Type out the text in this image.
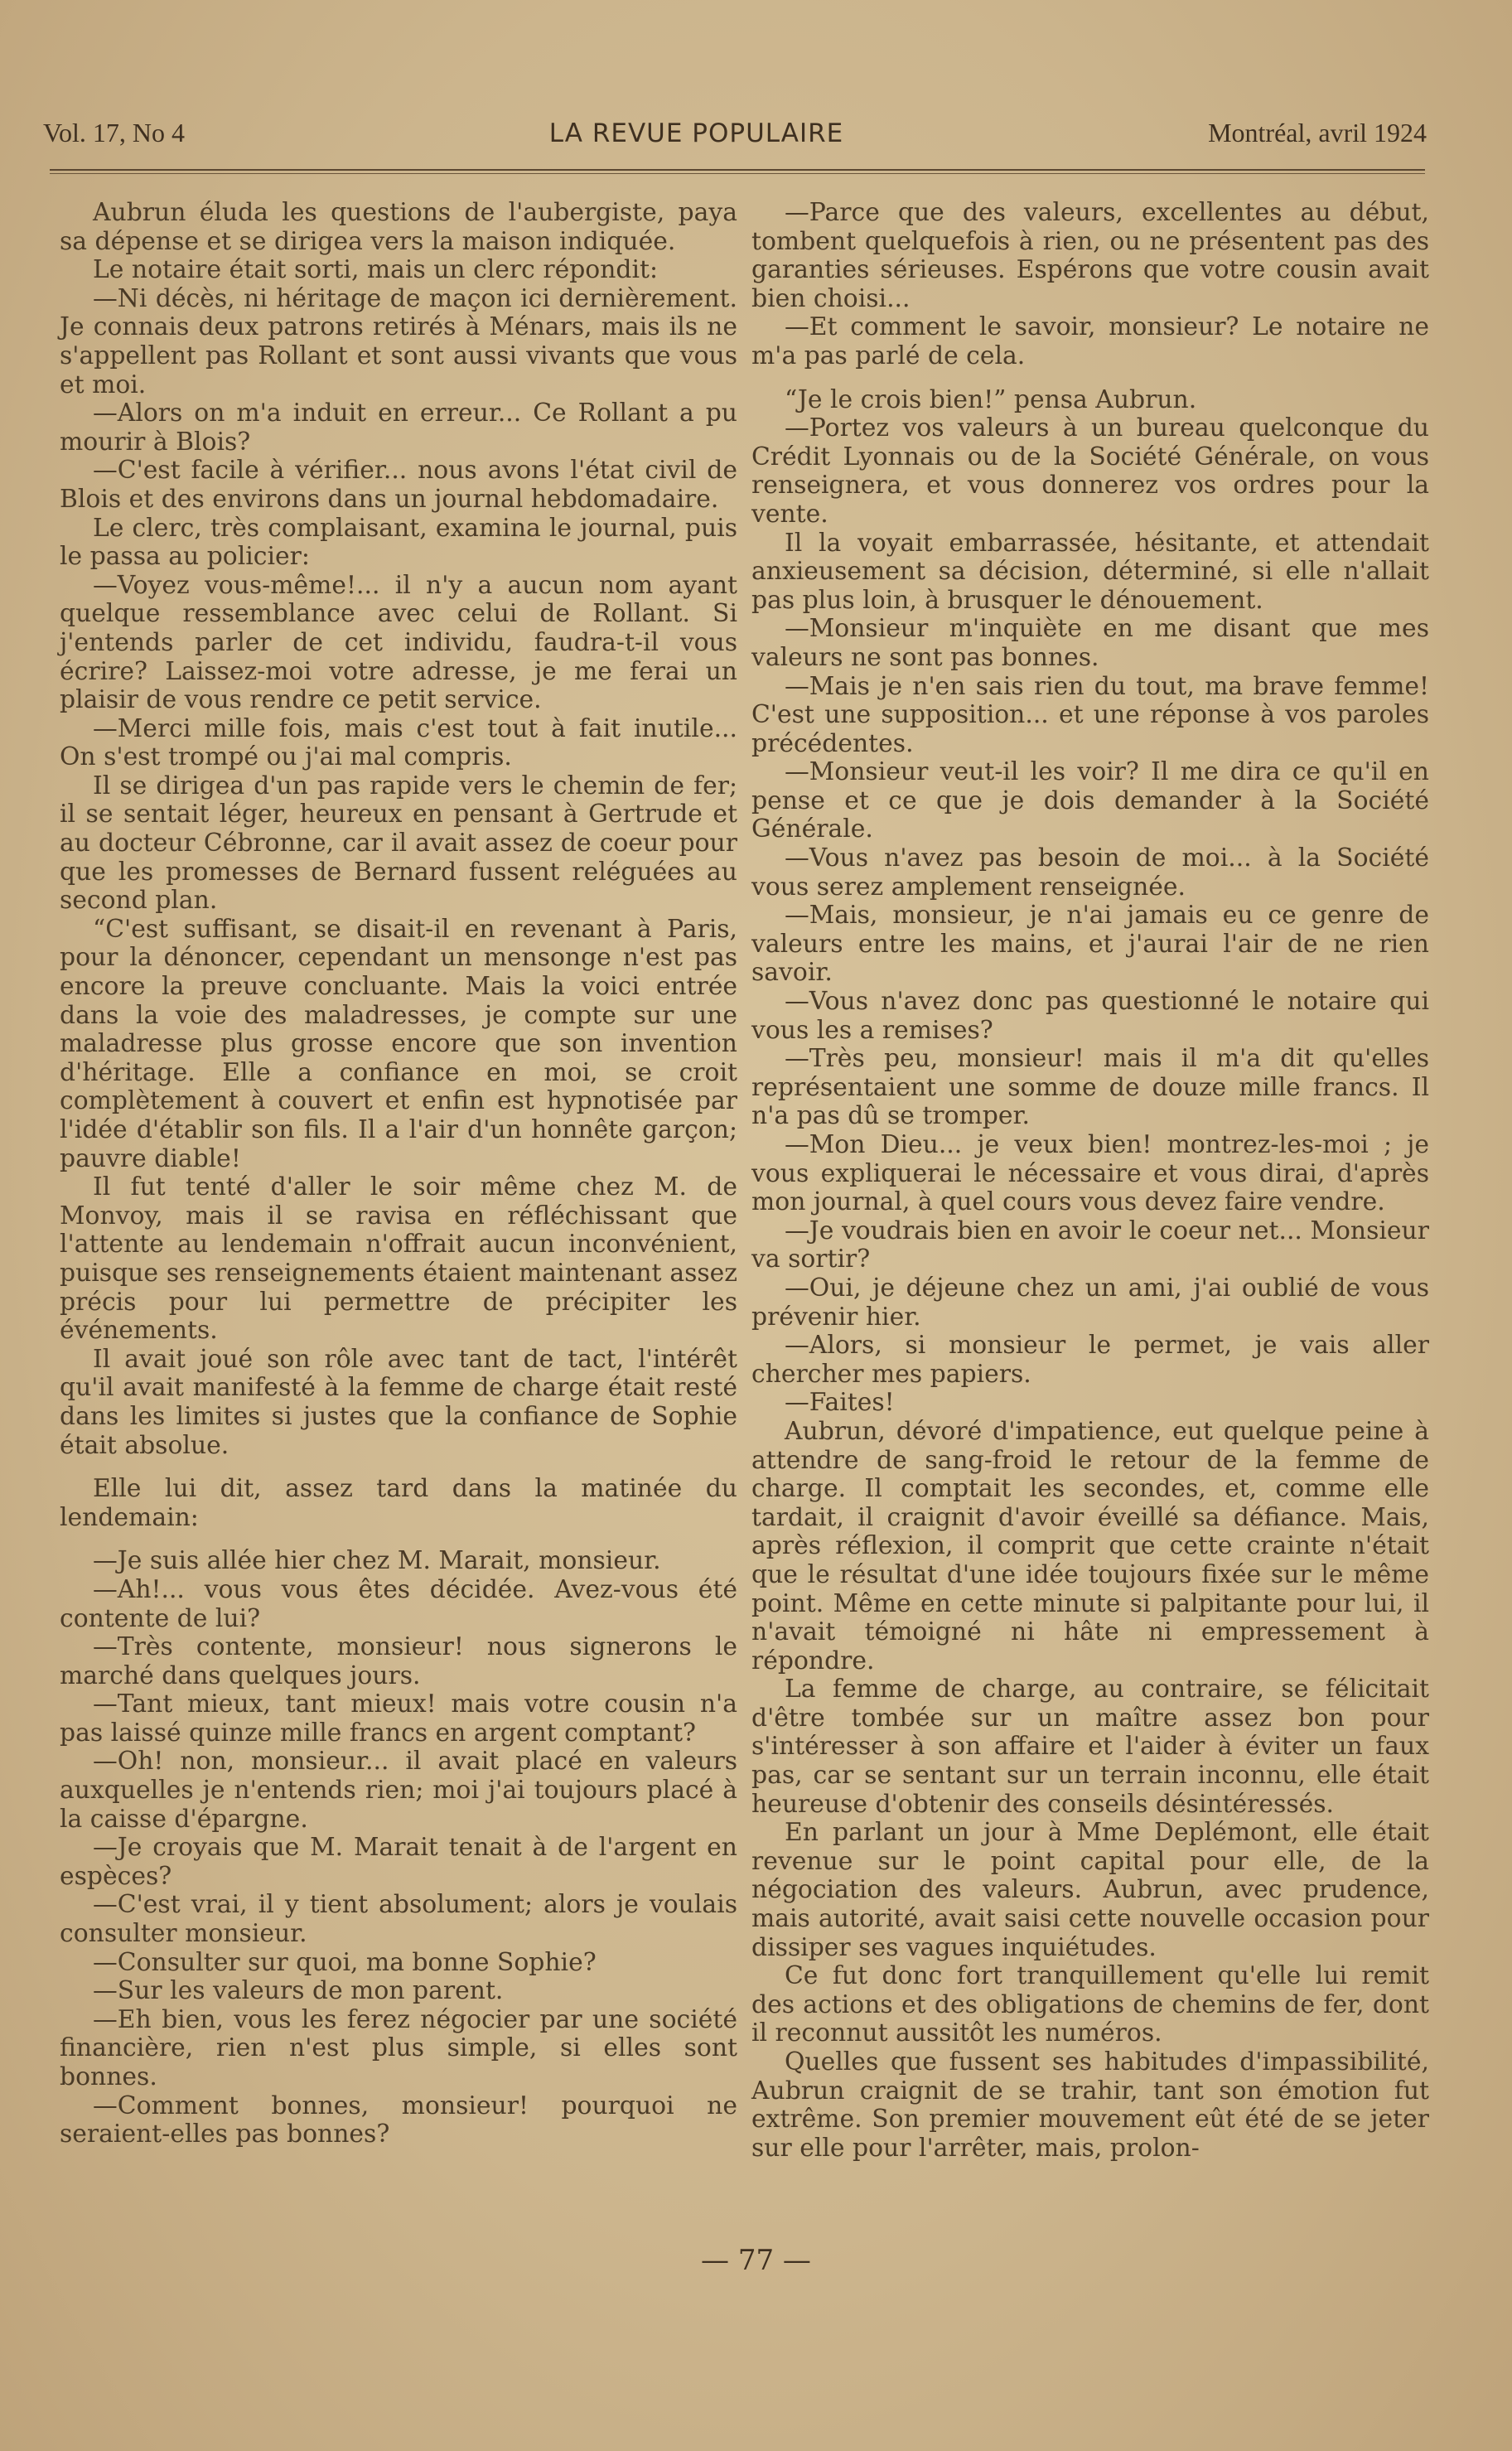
Vol. 17, No 4	LA REVUE POPULAIRE	Montréal, avril 1924

Aubrun éluda les questions de l'aubergiste, paya sa dépense et se dirigea vers la maison indiquée.

Le notaire était sorti, mais un clerc répondit:

—Ni décès, ni héritage de maçon ici dernièrement. Je connais deux patrons retirés à Ménars, mais ils ne s'appellent pas Rollant et sont aussi vivants que vous et moi.

—Alors on m'a induit en erreur... Ce Rollant a pu mourir à Blois?

—C'est facile à vérifier... nous avons l'état civil de Blois et des environs dans un journal hebdomadaire.

Le clerc, très complaisant, examina le journal, puis le passa au policier:

—Voyez vous-même!... il n'y a aucun nom ayant quelque ressemblance avec celui de Rollant. Si j'entends parler de cet individu, faudra-t-il vous écrire? Laissez-moi votre adresse, je me ferai un plaisir de vous rendre ce petit service.

—Merci mille fois, mais c'est tout à fait inutile... On s'est trompé ou j'ai mal compris.

Il se dirigea d'un pas rapide vers le chemin de fer; il se sentait léger, heureux en pensant à Gertrude et au docteur Cébronne, car il avait assez de coeur pour que les promesses de Bernard fussent reléguées au second plan.

“C'est suffisant, se disait-il en revenant à Paris, pour la dénoncer, cependant un mensonge n'est pas encore la preuve concluante. Mais la voici entrée dans la voie des maladresses, je compte sur une maladresse plus grosse encore que son invention d'héritage. Elle a confiance en moi, se croit complètement à couvert et enfin est hypnotisée par l'idée d'établir son fils. Il a l'air d'un honnête garçon; pauvre diable!

Il fut tenté d'aller le soir même chez M. de Monvoy, mais il se ravisa en réfléchissant que l'attente au lendemain n'offrait aucun inconvénient, puisque ses renseignements étaient maintenant assez précis pour lui permettre de précipiter les événements.

Il avait joué son rôle avec tant de tact, l'intérêt qu'il avait manifesté à la femme de charge était resté dans les limites si justes que la confiance de Sophie était absolue.

Elle lui dit, assez tard dans la matinée du lendemain:

—Je suis allée hier chez M. Marait, monsieur.

—Ah!... vous vous êtes décidée. Avez-vous été contente de lui?

—Très contente, monsieur! nous signerons le marché dans quelques jours.

—Tant mieux, tant mieux! mais votre cousin n'a pas laissé quinze mille francs en argent comptant?

—Oh! non, monsieur... il avait placé en valeurs auxquelles je n'entends rien; moi j'ai toujours placé à la caisse d'épargne.

—Je croyais que M. Marait tenait à de l'argent en espèces?

—C'est vrai, il y tient absolument; alors je voulais consulter monsieur.

—Consulter sur quoi, ma bonne Sophie?

—Sur les valeurs de mon parent.

—Eh bien, vous les ferez négocier par une société financière, rien n'est plus simple, si elles sont bonnes.

—Comment bonnes, monsieur! pourquoi ne seraient-elles pas bonnes?

—Parce que des valeurs, excellentes au début, tombent quelquefois à rien, ou ne présentent pas des garanties sérieuses. Espérons que votre cousin avait bien choisi...

—Et comment le savoir, monsieur? Le notaire ne m'a pas parlé de cela.

“Je le crois bien!” pensa Aubrun.

—Portez vos valeurs à un bureau quelconque du Crédit Lyonnais ou de la Société Générale, on vous renseignera, et vous donnerez vos ordres pour la vente.

Il la voyait embarrassée, hésitante, et attendait anxieusement sa décision, déterminé, si elle n'allait pas plus loin, à brusquer le dénouement.

—Monsieur m'inquiète en me disant que mes valeurs ne sont pas bonnes.

—Mais je n'en sais rien du tout, ma brave femme! C'est une supposition... et une réponse à vos paroles précédentes.

—Monsieur veut-il les voir? Il me dira ce qu'il en pense et ce que je dois demander à la Société Générale.

—Vous n'avez pas besoin de moi... à la Société vous serez amplement renseignée.

—Mais, monsieur, je n'ai jamais eu ce genre de valeurs entre les mains, et j'aurai l'air de ne rien savoir.

—Vous n'avez donc pas questionné le notaire qui vous les a remises?

—Très peu, monsieur! mais il m'a dit qu'elles représentaient une somme de douze mille francs. Il n'a pas dû se tromper.

—Mon Dieu... je veux bien! montrez-les-moi ; je vous expliquerai le nécessaire et vous dirai, d'après mon journal, à quel cours vous devez faire vendre.

—Je voudrais bien en avoir le coeur net... Monsieur va sortir?

—Oui, je déjeune chez un ami, j'ai oublié de vous prévenir hier.

—Alors, si monsieur le permet, je vais aller chercher mes papiers.

—Faites!

Aubrun, dévoré d'impatience, eut quelque peine à attendre de sang-froid le retour de la femme de charge. Il comptait les secondes, et, comme elle tardait, il craignit d'avoir éveillé sa défiance. Mais, après réflexion, il comprit que cette crainte n'était que le résultat d'une idée toujours fixée sur le même point. Même en cette minute si palpitante pour lui, il n'avait témoigné ni hâte ni empressement à répondre.

La femme de charge, au contraire, se félicitait d'être tombée sur un maître assez bon pour s'intéresser à son affaire et l'aider à éviter un faux pas, car se sentant sur un terrain inconnu, elle était heureuse d'obtenir des conseils désintéressés.

En parlant un jour à Mme Deplémont, elle était revenue sur le point capital pour elle, de la négociation des valeurs. Aubrun, avec prudence, mais autorité, avait saisi cette nouvelle occasion pour dissiper ses vagues inquiétudes.

Ce fut donc fort tranquillement qu'elle lui remit des actions et des obligations de chemins de fer, dont il reconnut aussitôt les numéros.

Quelles que fussent ses habitudes d'impassibilité, Aubrun craignit de se trahir, tant son émotion fut extrême. Son premier mouvement eût été de se jeter sur elle pour l'arrêter, mais, prolon-

— 77 —
